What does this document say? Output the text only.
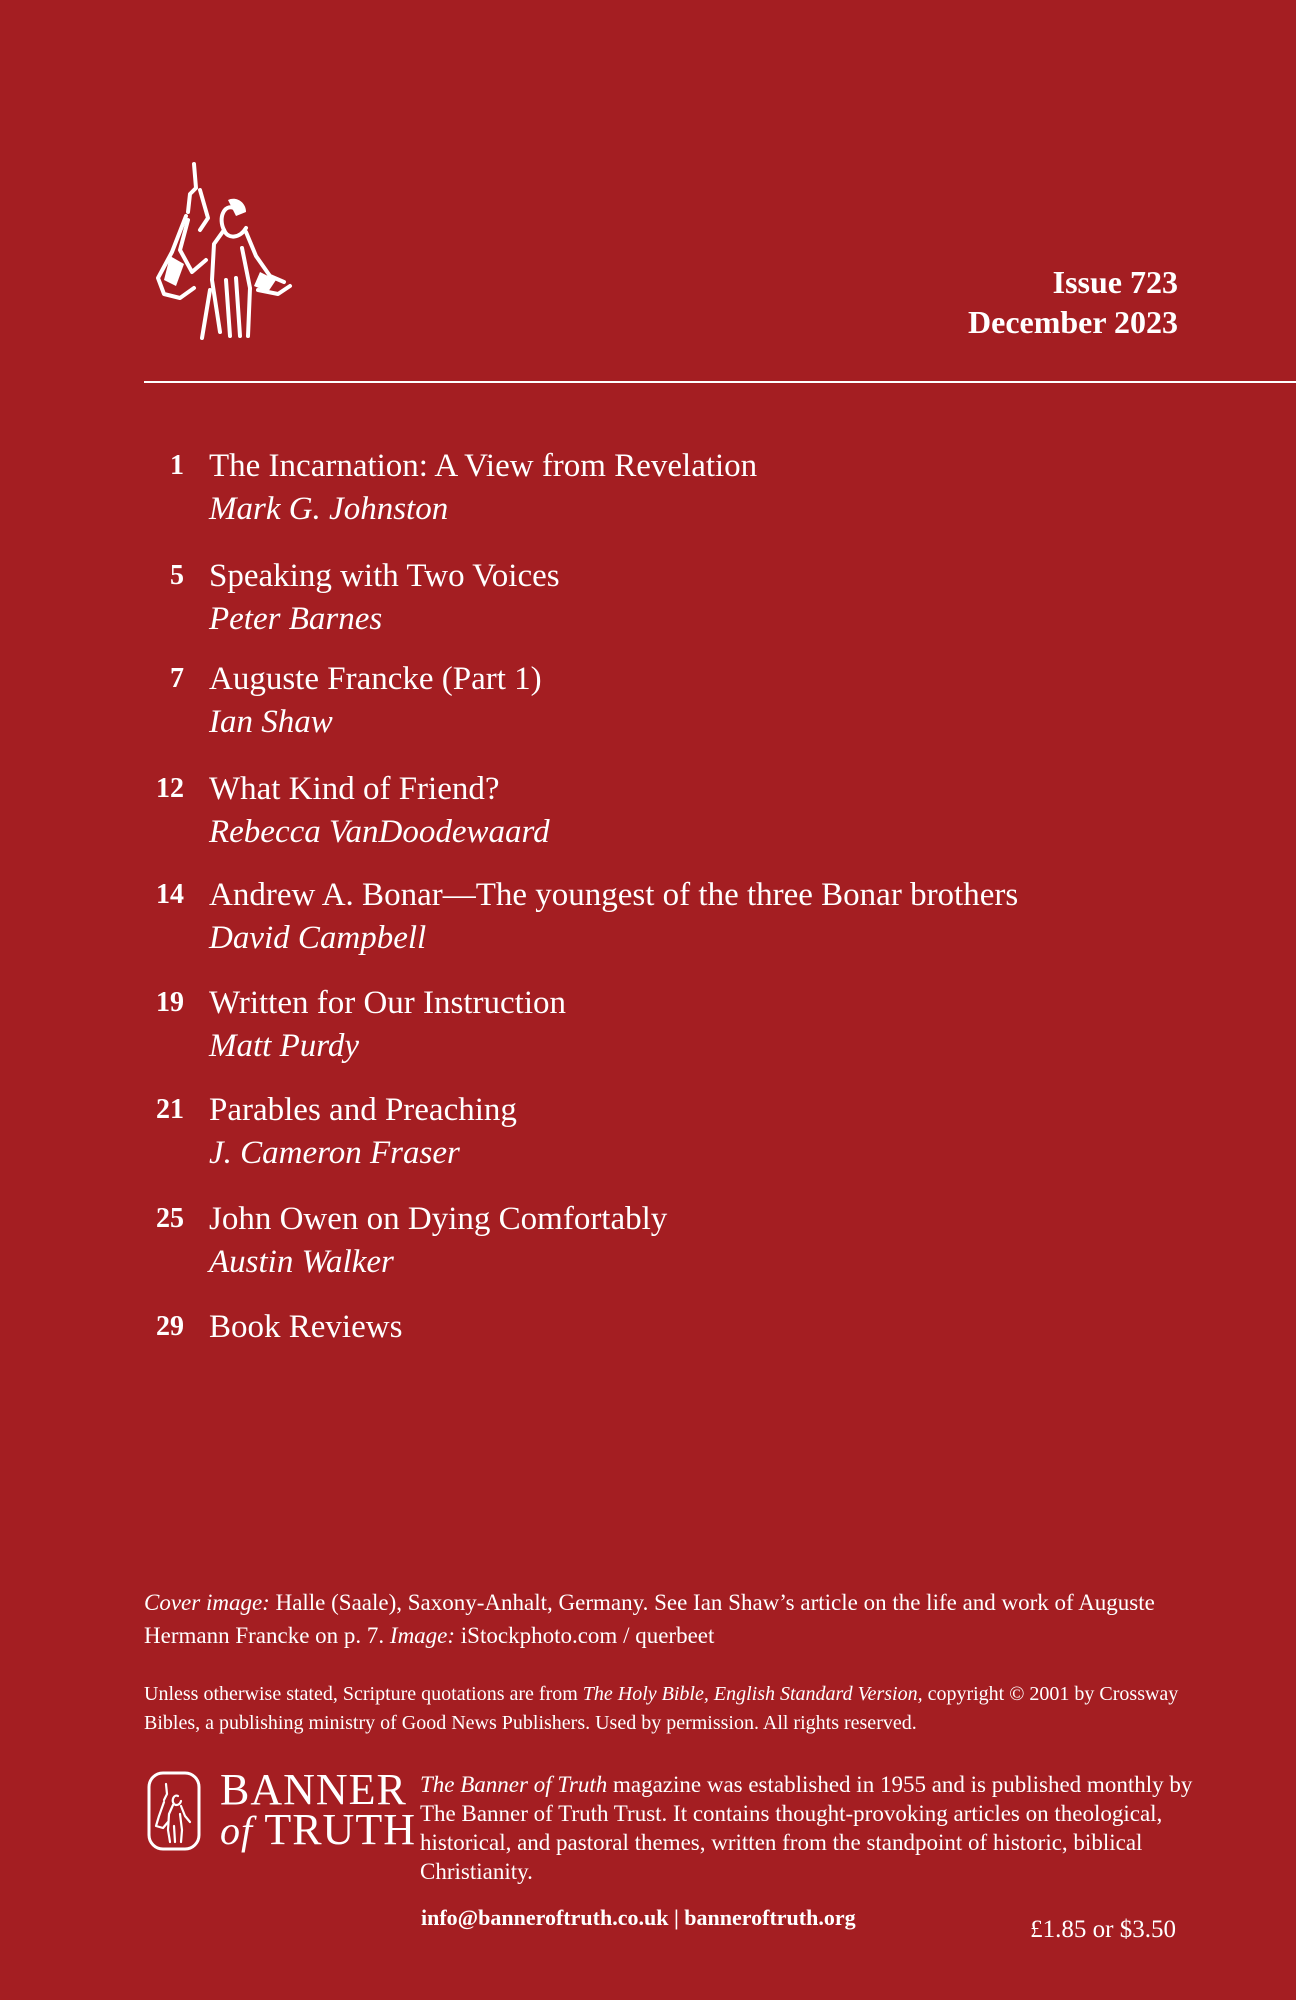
Issue 723
December 2023
1 The Incarnation: A View from Revelation
Mark G. Johnston
5 Speaking with Two Voices
Peter Barnes
7 Auguste Francke (Part 1)
Ian Shaw
12 What Kind of Friend?
Rebecca VanDoodewaard
14 Andrew A. Bonar—The youngest of the three Bonar brothers
David Campbell
19 Written for Our Instruction
Matt Purdy
21 Parables and Preaching
J. Cameron Fraser
25 John Owen on Dying Comfortably
Austin Walker
29 Book Reviews
Cover image: Halle (Saale), Saxony-Anhalt, Germany. See Ian Shaw’s article on the life and work of Auguste Hermann Francke on p. 7. Image: iStockphoto.com / querbeet
Unless otherwise stated, Scripture quotations are from The Holy Bible, English Standard Version, copyright © 2001 by Crossway Bibles, a publishing ministry of Good News Publishers. Used by permission. All rights reserved.
BANNER
of TRUTH
The Banner of Truth magazine was established in 1955 and is published monthly by The Banner of Truth Trust. It contains thought-provoking articles on theological, historical, and pastoral themes, written from the standpoint of historic, biblical Christianity.
info@banneroftruth.co.uk | banneroftruth.org	£1.85 or $3.50
